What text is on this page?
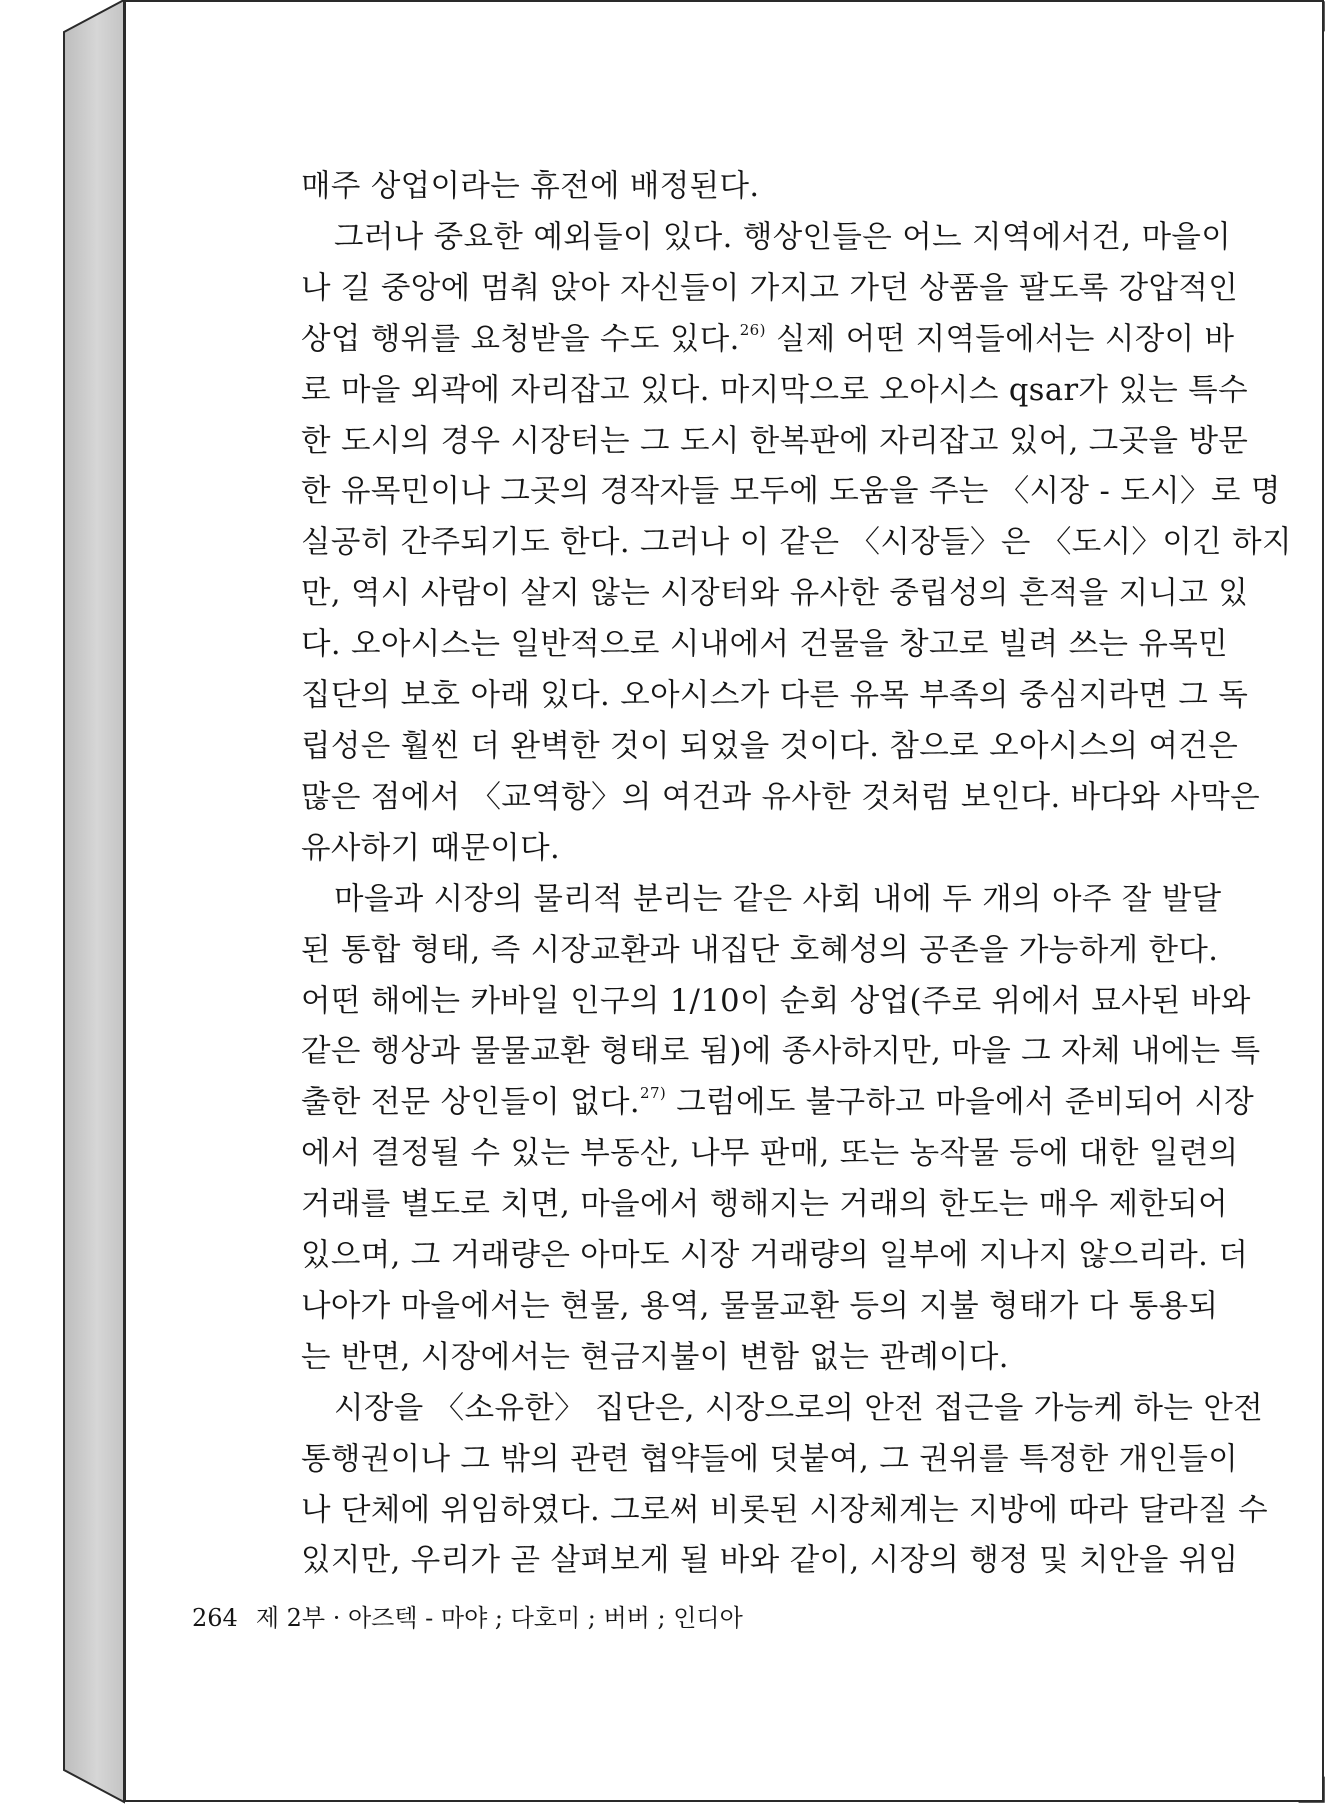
매주 상업이라는 휴전에 배정된다.
그러나 중요한 예외들이 있다. 행상인들은 어느 지역에서건, 마을이
나 길 중앙에 멈춰 앉아 자신들이 가지고 가던 상품을 팔도록 강압적인
상업 행위를 요청받을 수도 있다.$^{26)}$ 실제 어떤 지역들에서는 시장이 바
로 마을 외곽에 자리잡고 있다. 마지막으로 오아시스 qsar가 있는 특수
한 도시의 경우 시장터는 그 도시 한복판에 자리잡고 있어, 그곳을 방문
한 유목민이나 그곳의 경작자들 모두에 도움을 주는 〈시장 - 도시〉로 명
실공히 간주되기도 한다. 그러나 이 같은 〈시장들〉은 〈도시〉이긴 하지
만, 역시 사람이 살지 않는 시장터와 유사한 중립성의 흔적을 지니고 있
다. 오아시스는 일반적으로 시내에서 건물을 창고로 빌려 쓰는 유목민
집단의 보호 아래 있다. 오아시스가 다른 유목 부족의 중심지라면 그 독
립성은 훨씬 더 완벽한 것이 되었을 것이다. 참으로 오아시스의 여건은
많은 점에서 〈교역항〉의 여건과 유사한 것처럼 보인다. 바다와 사막은
유사하기 때문이다.
마을과 시장의 물리적 분리는 같은 사회 내에 두 개의 아주 잘 발달
된 통합 형태, 즉 시장교환과 내집단 호혜성의 공존을 가능하게 한다.
어떤 해에는 카바일 인구의 1/10이 순회 상업(주로 위에서 묘사된 바와
같은 행상과 물물교환 형태로 됨)에 종사하지만, 마을 그 자체 내에는 특
출한 전문 상인들이 없다.$^{27)}$ 그럼에도 불구하고 마을에서 준비되어 시장
에서 결정될 수 있는 부동산, 나무 판매, 또는 농작물 등에 대한 일련의
거래를 별도로 치면, 마을에서 행해지는 거래의 한도는 매우 제한되어
있으며, 그 거래량은 아마도 시장 거래량의 일부에 지나지 않으리라. 더
나아가 마을에서는 현물, 용역, 물물교환 등의 지불 형태가 다 통용되
는 반면, 시장에서는 현금지불이 변함 없는 관례이다.
시장을 〈소유한〉 집단은, 시장으로의 안전 접근을 가능케 하는 안전
통행권이나 그 밖의 관련 협약들에 덧붙여, 그 권위를 특정한 개인들이
나 단체에 위임하였다. 그로써 비롯된 시장체계는 지방에 따라 달라질 수
있지만, 우리가 곧 살펴보게 될 바와 같이, 시장의 행정 및 치안을 위임
264 제 2부 · 아즈텍 - 마야 ; 다호미 ; 버버 ; 인디아
